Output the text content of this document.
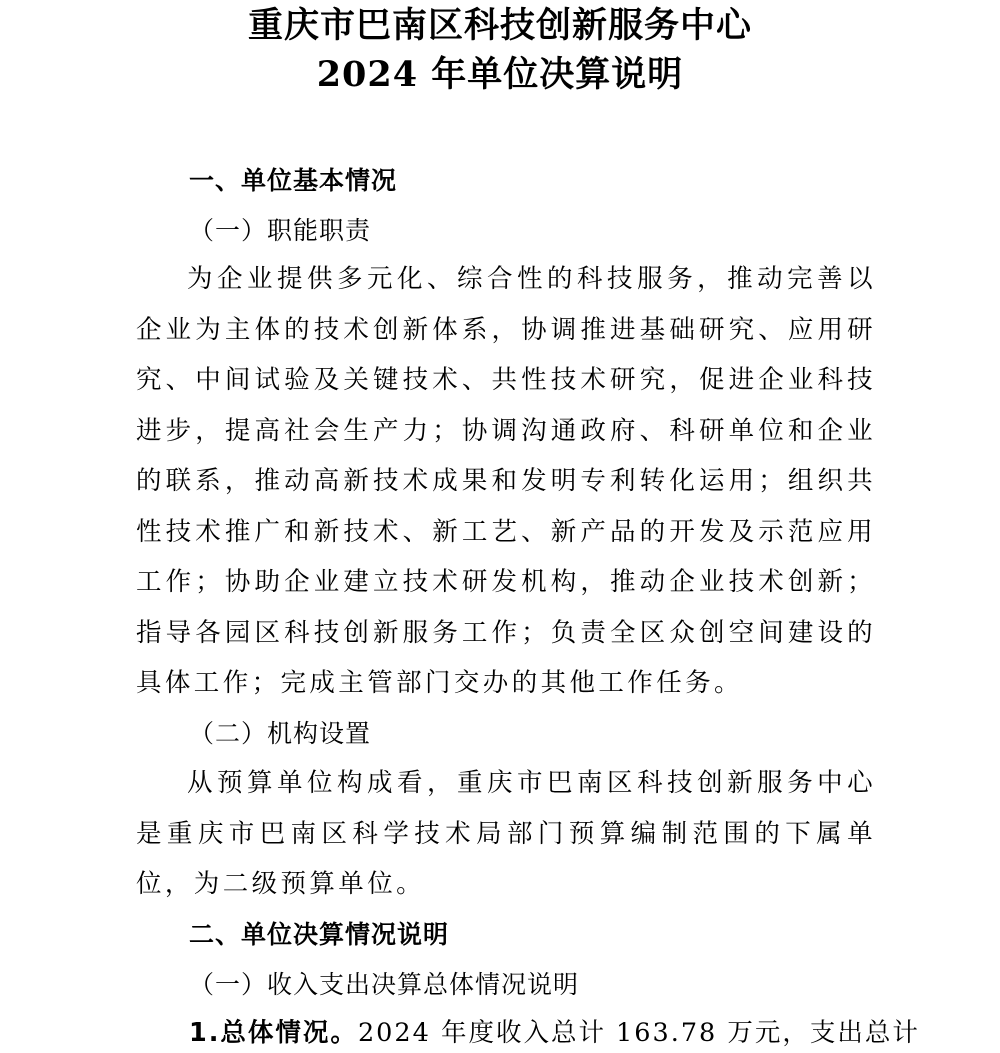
重庆市巴南区科技创新服务中心
2024 年单位决算说明
一、单位基本情况
（一）职能职责

为企业提供多元化、综合性的科技服务，推动完善以企业为主体的技术创新体系，协调推进基础研究、应用研究、中间试验及关键技术、共性技术研究，促进企业科技进步，提高社会生产力；协调沟通政府、科研单位和企业的联系，推动高新技术成果和发明专利转化运用；组织共性技术推广和新技术、新工艺、新产品的开发及示范应用工作；协助企业建立技术研发机构，推动企业技术创新；指导各园区科技创新服务工作；负责全区众创空间建设的具体工作；完成主管部门交办的其他工作任务。

（二）机构设置

从预算单位构成看，重庆市巴南区科技创新服务中心是重庆市巴南区科学技术局部门预算编制范围的下属单位，为二级预算单位。

二、单位决算情况说明
（一）收入支出决算总体情况说明
1.总体情况。2024 年度收入总计 163.78 万元，支出总计
